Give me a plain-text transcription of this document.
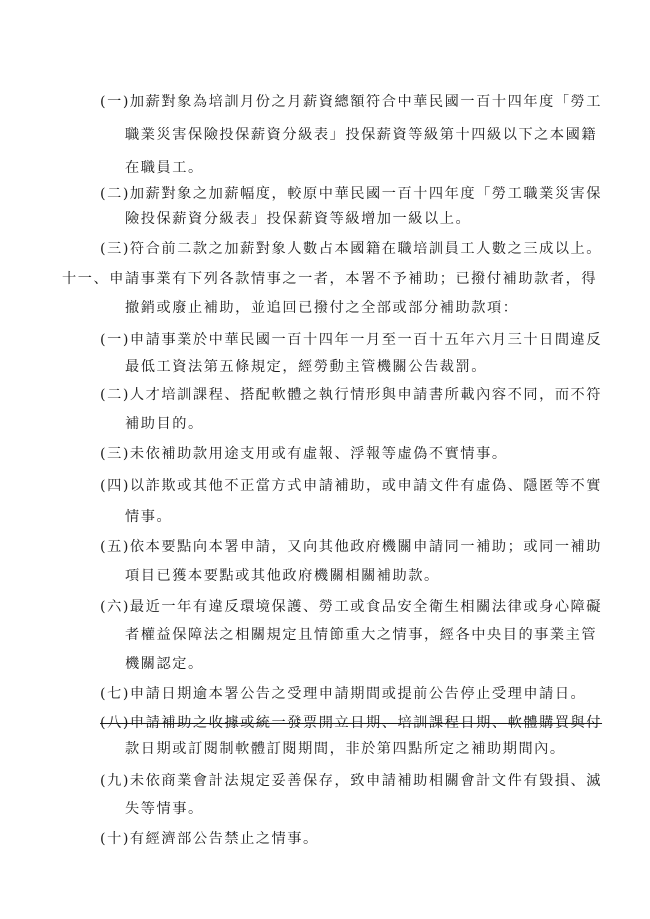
(一)加薪對象為培訓月份之月薪資總額符合中華民國一百十四年度「勞工
職業災害保險投保薪資分級表」投保薪資等級第十四級以下之本國籍
在職員工。
(二)加薪對象之加薪幅度，較原中華民國一百十四年度「勞工職業災害保
險投保薪資分級表」投保薪資等級增加一級以上。
(三)符合前二款之加薪對象人數占本國籍在職培訓員工人數之三成以上。
十一、申請事業有下列各款情事之一者，本署不予補助；已撥付補助款者，得
撤銷或廢止補助，並追回已撥付之全部或部分補助款項：
(一)申請事業於中華民國一百十四年一月至一百十五年六月三十日間違反
最低工資法第五條規定，經勞動主管機關公告裁罰。
(二)人才培訓課程、搭配軟體之執行情形與申請書所載內容不同，而不符
補助目的。
(三)未依補助款用途支用或有虛報、浮報等虛偽不實情事。
(四)以詐欺或其他不正當方式申請補助，或申請文件有虛偽、隱匿等不實
情事。
(五)依本要點向本署申請，又向其他政府機關申請同一補助；或同一補助
項目已獲本要點或其他政府機關相關補助款。
(六)最近一年有違反環境保護、勞工或食品安全衛生相關法律或身心障礙
者權益保障法之相關規定且情節重大之情事，經各中央目的事業主管
機關認定。
(七)申請日期逾本署公告之受理申請期間或提前公告停止受理申請日。
(八)申請補助之收據或統一發票開立日期、培訓課程日期、軟體購買與付
款日期或訂閱制軟體訂閱期間，非於第四點所定之補助期間內。
(九)未依商業會計法規定妥善保存，致申請補助相關會計文件有毀損、滅
失等情事。
(十)有經濟部公告禁止之情事。
